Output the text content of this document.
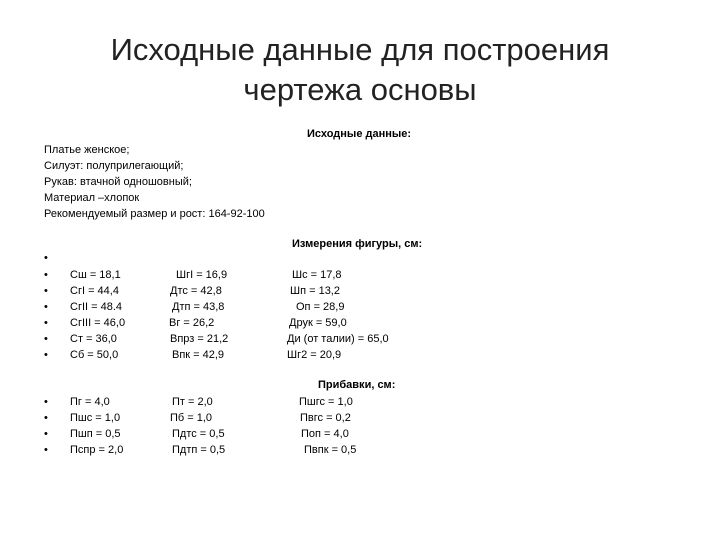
Исходные данные для построения
чертежа основы
Исходные данные:
Платье женское;
Силуэт: полуприлегающий;
Рукав: втачной одношовный;
Материал –хлопок
Рекомендуемый размер и рост: 164-92-100
Измерения фигуры, см:
•
• Сш = 18,1	ШгI = 16,9	Шс = 17,8
• СгI = 44,4	Дтс = 42,8	Шп = 13,2
• СгII = 48.4	Дтп = 43,8	Оп = 28,9
• СгIII = 46,0	Вг = 26,2	Друк = 59,0
• Ст = 36,0	Впрз = 21,2	Ди (от талии) = 65,0
• Сб = 50,0	Впк = 42,9	Шг2 = 20,9
Прибавки, см:
• Пг = 4,0	Пт = 2,0	Пшгс = 1,0
• Пшс = 1,0	Пб = 1,0	Пвгс = 0,2
• Пшп = 0,5	Пдтс = 0,5	Поп = 4,0
• Пспр = 2,0	Пдтп = 0,5	Пвпк = 0,5
